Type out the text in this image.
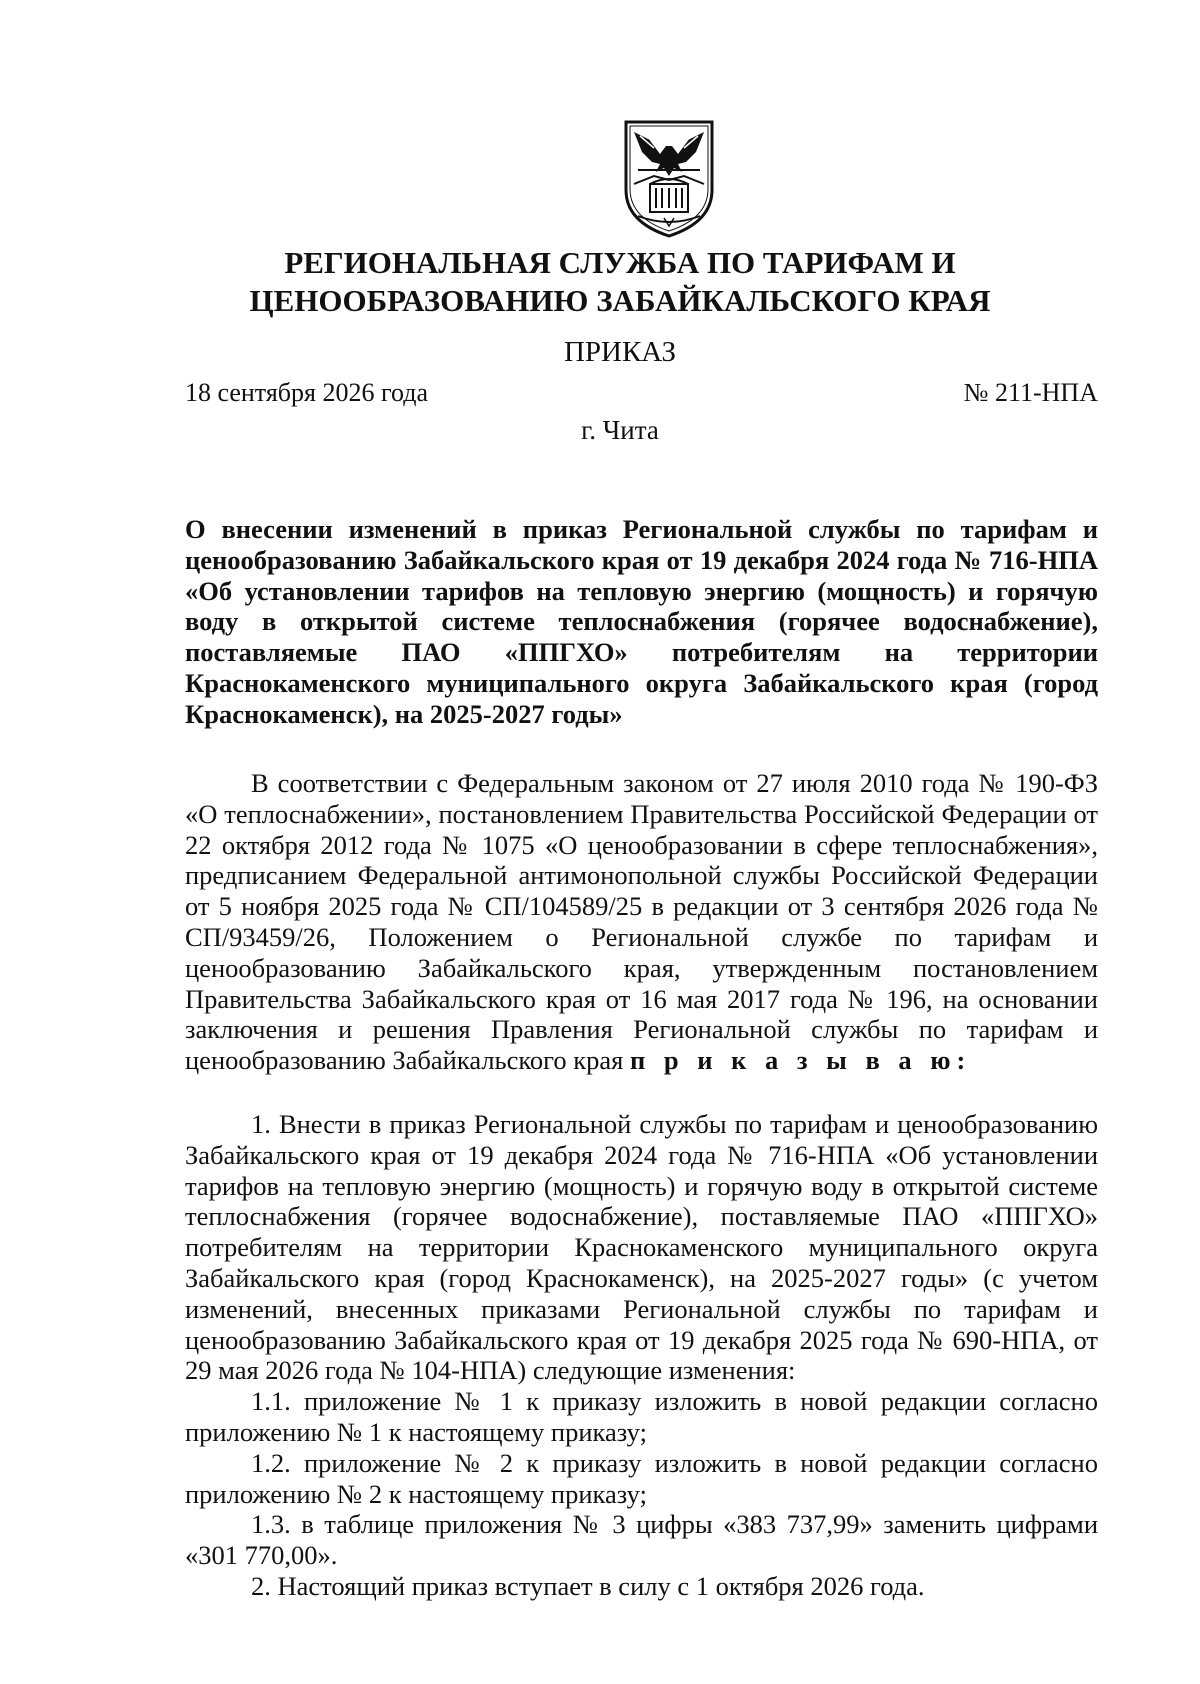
РЕГИОНАЛЬНАЯ СЛУЖБА ПО ТАРИФАМ И
ЦЕНООБРАЗОВАНИЮ ЗАБАЙКАЛЬСКОГО КРАЯ
ПРИКАЗ
18 сентября 2026 года	№ 211-НПА
г. Чита
О внесении изменений в приказ Региональной службы по тарифам и ценообразованию Забайкальского края от 19 декабря 2024 года № 716-НПА «Об установлении тарифов на тепловую энергию (мощность) и горячую воду в открытой системе теплоснабжения (горячее водоснабжение), поставляемые ПАО «ППГХО» потребителям на территории Краснокаменского муниципального округа Забайкальского края (город Краснокаменск), на 2025-2027 годы»

В соответствии с Федеральным законом от 27 июля 2010 года № 190-ФЗ «О теплоснабжении», постановлением Правительства Российской Федерации от 22 октября 2012 года № 1075 «О ценообразовании в сфере теплоснабжения», предписанием Федеральной антимонопольной службы Российской Федерации от 5 ноября 2025 года № СП/104589/25 в редакции от 3 сентября 2026 года № СП/93459/26, Положением о Региональной службе по тарифам и ценообразованию Забайкальского края, утвержденным постановлением Правительства Забайкальского края от 16 мая 2017 года № 196, на основании заключения и решения Правления Региональной службы по тарифам и ценообразованию Забайкальского края п р и к а з ы в а ю:

1. Внести в приказ Региональной службы по тарифам и ценообразованию Забайкальского края от 19 декабря 2024 года № 716-НПА «Об установлении тарифов на тепловую энергию (мощность) и горячую воду в открытой системе теплоснабжения (горячее водоснабжение), поставляемые ПАО «ППГХО» потребителям на территории Краснокаменского муниципального округа Забайкальского края (город Краснокаменск), на 2025-2027 годы» (с учетом изменений, внесенных приказами Региональной службы по тарифам и ценообразованию Забайкальского края от 19 декабря 2025 года № 690-НПА, от 29 мая 2026 года № 104-НПА) следующие изменения:

1.1. приложение № 1 к приказу изложить в новой редакции согласно приложению № 1 к настоящему приказу;

1.2. приложение № 2 к приказу изложить в новой редакции согласно приложению № 2 к настоящему приказу;

1.3. в таблице приложения № 3 цифры «383 737,99» заменить цифрами «301 770,00».

2. Настоящий приказ вступает в силу с 1 октября 2026 года.
